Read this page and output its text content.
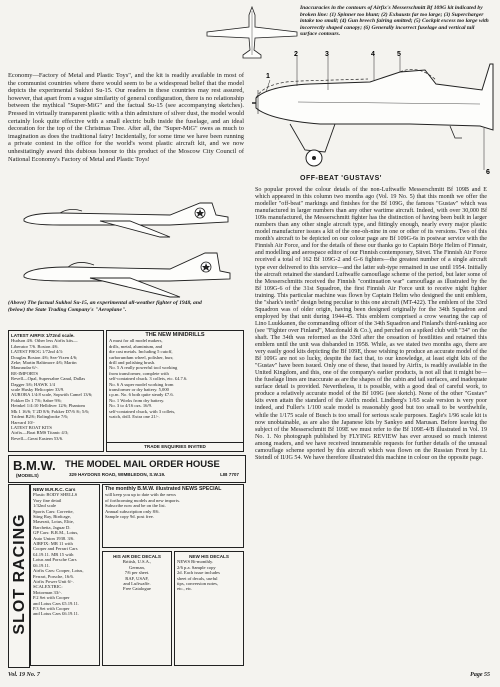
Inaccuracies in the contours of Airfix's Messerschmitt Bf 109G kit indicated by broken line: (1) Spinner too blunt; (2) Exhausts far too large; (3) Supercharger intake too small; (4) Gun breech fairing omitted; (5) Cockpit excess too large with incorrectly shaped canopy; (6) Generally incorrect fuselage and vertical tail surface contours.
1
2	3	4	5
6
Economy—Factory of Metal and Plastic Toys", and the kit is readily available in most of the communist countries where there would seem to be a widespread belief that the model depicts the experimental Sukhoi Su-15. Our readers in these countries may rest assured, however, that apart from a vague similarity of general configuration, there is no relationship between the mythical "Super-MiG" and the factual Su-15 (see accompanying sketches). Pressed in virtually transparent plastic with a thin admixture of silver dust, the model would certainly look quite effective with a small electric bulb inside the fuselage, and an ideal decoration for the top of the Christmas Tree. After all, the "Super-MiG" owes as much to imagination as does the traditional fairy! Incidentally, for some time we have been running a private contest in the office for the world's worst plastic aircraft kit, and we now unhesitatingly award this dubious honour to this product of the Moscow City Council of National Economy's Factory of Metal and Plastic Toys!
(Above) The factual Sukhoi Su-15, an experimental all-weather fighter of 1948, and (below) the State Trading Company's "Aeroplane".
OFF-BEAT 'GUSTAVS'
So popular proved the colour details of the non-Luftwaffe Messerschmitt Bf 109B and E which appeared in this column two months ago (Vol. 19 No. 5) that this month we offer the modeller "off-beat" markings and finishes for the Bf 109G, the famous "Gustav" which was manufactured in larger numbers than any other wartime aircraft. Indeed, with over 30,000 Bf 109s manufactured, the Messerschmitt fighter has the distinction of having been built in larger numbers than any other single aircraft type, and fittingly enough, nearly every major plastic model manufacturer issues a kit of the one-oh-nine in one or other of its versions. Two of this month's aircraft to be depicted on our colour page are Bf 109G-6s in postwar service with the Finnish Air Force, and for the details of these our thanks go to Captain Börje Helim of Finnair, and modelling and aerospace editor of our Finnish contemporary, Siivet. The Finnish Air Force received a total of 162 Bf 109G-2 and G-6 fighters—the greatest number of a single aircraft type ever delivered to this service—and the latter sub-type remained in use until 1954. Initially the aircraft retained the standard Luftwaffe camouflage scheme of the period, but later some of the Messerschmitts received the Finnish "continuation war" camouflage as illustrated by the Bf 109G-6 of the 31st Squadron, the first Finnish Air Force unit to receive night fighter training. This particular machine was flown by Captain Helim who designed the unit emblem, the "shark's teeth" design being peculiar to this one aircraft (MT-422). The emblem of the 33rd Squadron was of older origin, having been designed originally for the 34th Squadron and employed by that unit during 1944-45. This emblem comprised a crow wearing the cap of Lino Luukkanen, the commanding officer of the 34th Squadron and Finland's third-ranking ace (see "Fighter over Finland", Macdonald & Co.), and perched on a spiked club with "34" on the shaft. The 34th was reformed as the 33rd after the cessation of hostilities and retained this emblem until the unit was disbanded in 1958. While, as we stated two months ago, there are very easily good kits depicting the Bf 109E, those wishing to produce an accurate model of the Bf 109G are not so lucky, despite the fact that, to our knowledge, at least eight kits of the "Gustav" have been issued. Only one of these, that issued by Airfix, is readily available in the United Kingdom, and this, one of the company's earlier products, is not all that it might be—the fuselage lines are inaccurate as are the shapes of the cabin and tail surfaces, and inadequate surface detail is provided. Nevertheless, it is possible, with a good deal of careful work, to produce a relatively accurate model of the Bf 109G (see sketch). None of the other "Gustav" kits even attain the standard of the Airfix model. Lindberg's 1/65 scale version is very poor indeed, and Fuller's 1/100 scale model is reasonably good but too small to be worthwhile, while the 1/175 scale of Busch is too small for serious scale purposes. Eagle's 1/96 scale kit is now unobtainable, as are also the Japanese kits by Sankyo and Marusan. Before leaving the subject of the Messerschmitt Bf 109E we must refer to the Bf 109E-4/B illustrated in Vol. 19 No. 1. No photograph published by FLYING REVIEW has ever aroused so much interest among readers, and we have received innumerable requests for further details of the unusual camouflage scheme sported by this aircraft which was flown on the Russian Front by Lt. Steindl of II/JG 54. We have therefore illustrated this machine in colour on the opposite page.
LATEST AIRFIX 1/72nd scale.
Hudson 4/6. Other less Airfix kits—
Liberator 7/6. Boston 4/6.
LATEST FROG 1/72nd 4/3:
Douglas Boston 4/6; Sea-Vixen 4/6;
Zeke; Martin Baltimore 4/6; Martin
Mauraudar 6/-.
RE-IMPORTS
Revell—Opal, Supersabre Canal, Dallas
Dagger 3/6; HAWK 1/4
scale Husky Helicopter 33/9.
AURORA 1/4:8 scale, Sopwith Camel 13/6;
Fokker Dr 1 7/6; Sabre 9/6;
Heinkel 1/4:10 Helldiver 12/6; Phantom
Mk 1 16/6; T 2D 8/6; Fokker D7/6 /6; 5/6;
Trident B2/6; Bolingbroke 7/6;
Harvard 10/-
LATEST BOAT KITS
Airfix—Boat RMS Titanic 4/3;
Revell—Great Eastern 53/6.
THE NEW MINIDRILLS
A must for all model makers,
drills, metal, aluminium, and
die cast metals. Including 5 cutoff,
carborundum wheel, polisher, burr,
drill and polishing brush.
No. 5 A really powerful tool working
from transformer, complete with
self-contained chuck. 3 collets, etc. £4.7.6.
No. 6 A super model working from
transformer or dry battery. 5,000
r.p.m. No. 6 both quite steady £7.6.
No. 1 Works from dry battery.
No. 3 to 4/16 ozs. 16/9.
self-contained chuck, with 3 collets,
watch, drill. Extra one 21/-.
TRADE ENQUIRIES INVITED
B.M.W.
(MODELS)
THE MODEL MAIL ORDER HOUSE
329 HAYDONS ROAD, WIMBLEDON, S.W.19.	LIB 7707
SLOT RACING
NEW M.R.R.C. Cars
Plastic BODY SHELLS
Vary fine detail
1/32nd scale
Sports Cars: Corvette,
Sting Ray, Birdcage,
Maserati, Lotus, Elite,
Barchetta, Jaguar D.
GP Cars: B.R.M., Lotus,
Auto Union 1938. 3/6.
AIRFIX: MR 11 with
Cooper and Ferrari Cars
£4.19.11. MR 15 with
Lotus and Porsche Cars
£6.19.11.
Airfix Cars: Cooper, Lotus,
Ferrari, Porsche, 16/6.
Airfix Power Unit 6/-.
SCALEXTRIC:
Motorman 33/-.
P.2 Set with Cooper
and Lotus Cars £5.19.11.
P.3 Set with Cooper
and Lotus Cars £6.19.11.
The monthly B.M.W. illustrated NEWS SPECIAL
will keep you up to date with the news
of forthcoming models and new imports.
Subscribe now and be on the list.
Annual subscription only 8/6.
Sample copy 9d. post free.
HIS AIR DEC DECALS
British, U.S.A.,
German,
7/6 per sheet.
RAF, USAF,
and Luftwaffe.
Free Catalogue
NEW HIS DECALS
NEWS Bi-monthly.
2/6 p.a. Sample copy
2d. Each issue includes
sheet of decals, useful
tips, conversion notes,
etc., etc.
Vol. 19 No. 7	Page 55
